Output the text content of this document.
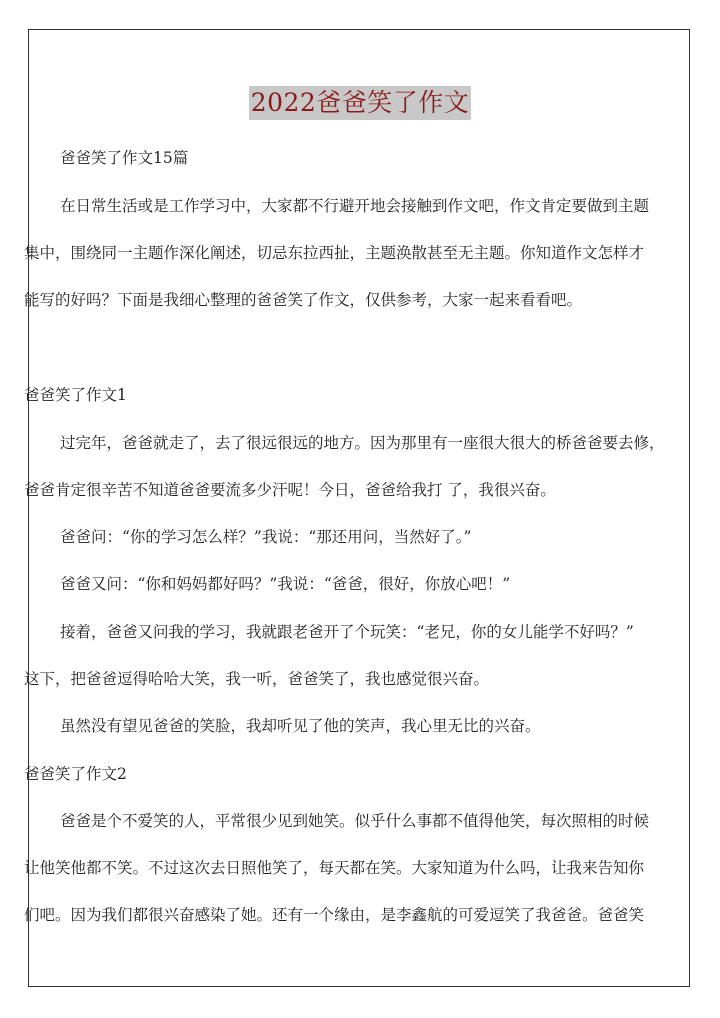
2022爸爸笑了作文
爸爸笑了作文15篇
在日常生活或是工作学习中，大家都不行避开地会接触到作文吧，作文肯定要做到主题
集中，围绕同一主题作深化阐述，切忌东拉西扯，主题涣散甚至无主题。你知道作文怎样才
能写的好吗？下面是我细心整理的爸爸笑了作文，仅供参考，大家一起来看看吧。
爸爸笑了作文1
过完年，爸爸就走了，去了很远很远的地方。因为那里有一座很大很大的桥爸爸要去修，
爸爸肯定很辛苦不知道爸爸要流多少汗呢！今日，爸爸给我打 了，我很兴奋。
爸爸问：“你的学习怎么样？”我说：“那还用问，当然好了。”
爸爸又问：“你和妈妈都好吗？”我说：“爸爸，很好，你放心吧！”
接着，爸爸又问我的学习，我就跟老爸开了个玩笑：“老兄，你的女儿能学不好吗？”
这下，把爸爸逗得哈哈大笑，我一听，爸爸笑了，我也感觉很兴奋。
虽然没有望见爸爸的笑脸，我却听见了他的笑声，我心里无比的兴奋。
爸爸笑了作文2
爸爸是个不爱笑的人，平常很少见到她笑。似乎什么事都不值得他笑，每次照相的时候
让他笑他都不笑。不过这次去日照他笑了，每天都在笑。大家知道为什么吗，让我来告知你
们吧。因为我们都很兴奋感染了她。还有一个缘由，是李鑫航的可爱逗笑了我爸爸。爸爸笑
